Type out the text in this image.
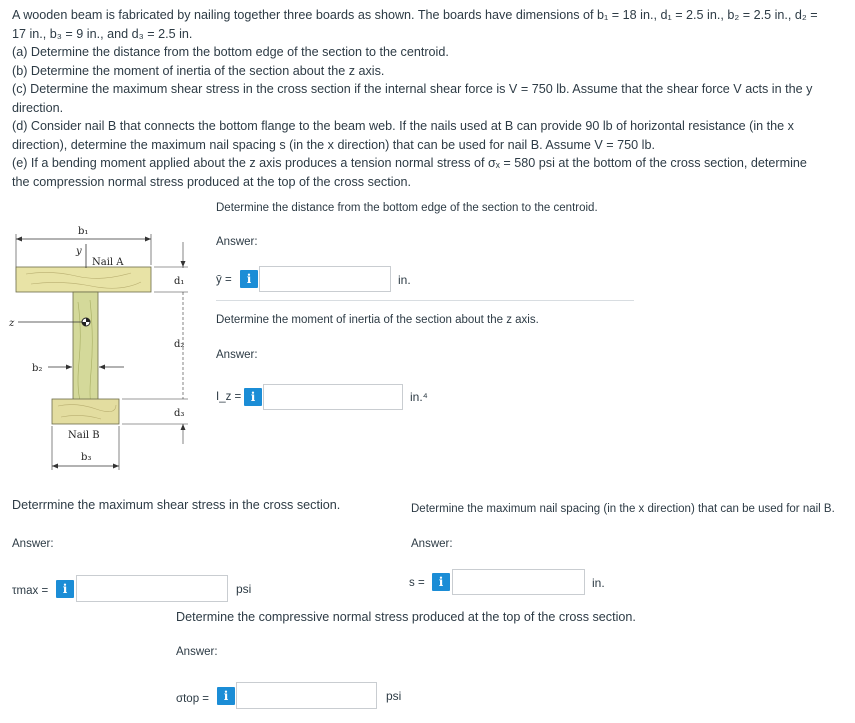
A wooden beam is fabricated by nailing together three boards as shown. The boards have dimensions of b₁ = 18 in., d₁ = 2.5 in., b₂ = 2.5 in., d₂ = 17 in., b₃ = 9 in., and d₃ = 2.5 in.

(a) Determine the distance from the bottom edge of the section to the centroid.

(b) Determine the moment of inertia of the section about the z axis.

(c) Determine the maximum shear stress in the cross section if the internal shear force is V = 750 lb. Assume that the shear force V acts in the y direction.

(d) Consider nail B that connects the bottom flange to the beam web. If the nails used at B can provide 90 lb of horizontal resistance (in the x direction), determine the maximum nail spacing s (in the x direction) that can be used for nail B. Assume V = 750 lb.

(e) If a bending moment applied about the z axis produces a tension normal stress of σₓ = 580 psi at the bottom of the cross section, determine the compression normal stress produced at the top of the cross section.

b₁
y
Nail A
z
b₂
d₁
d₂
d₃
Nail B
b₃
Determine the distance from the bottom edge of the section to the centroid.
Answer:
ȳ =	i	in.
Determine the moment of inertia of the section about the z axis.
Answer:
I_z = i	in.⁴
Deterrmine the maximum shear stress in the cross section.
Answer:
τmax =	i	psi
Determine the maximum nail spacing (in the x direction) that can be used for nail B.
Answer:
s =	i	in.
Determine the compressive normal stress produced at the top of the cross section.
Answer:
σtop =	i	psi
